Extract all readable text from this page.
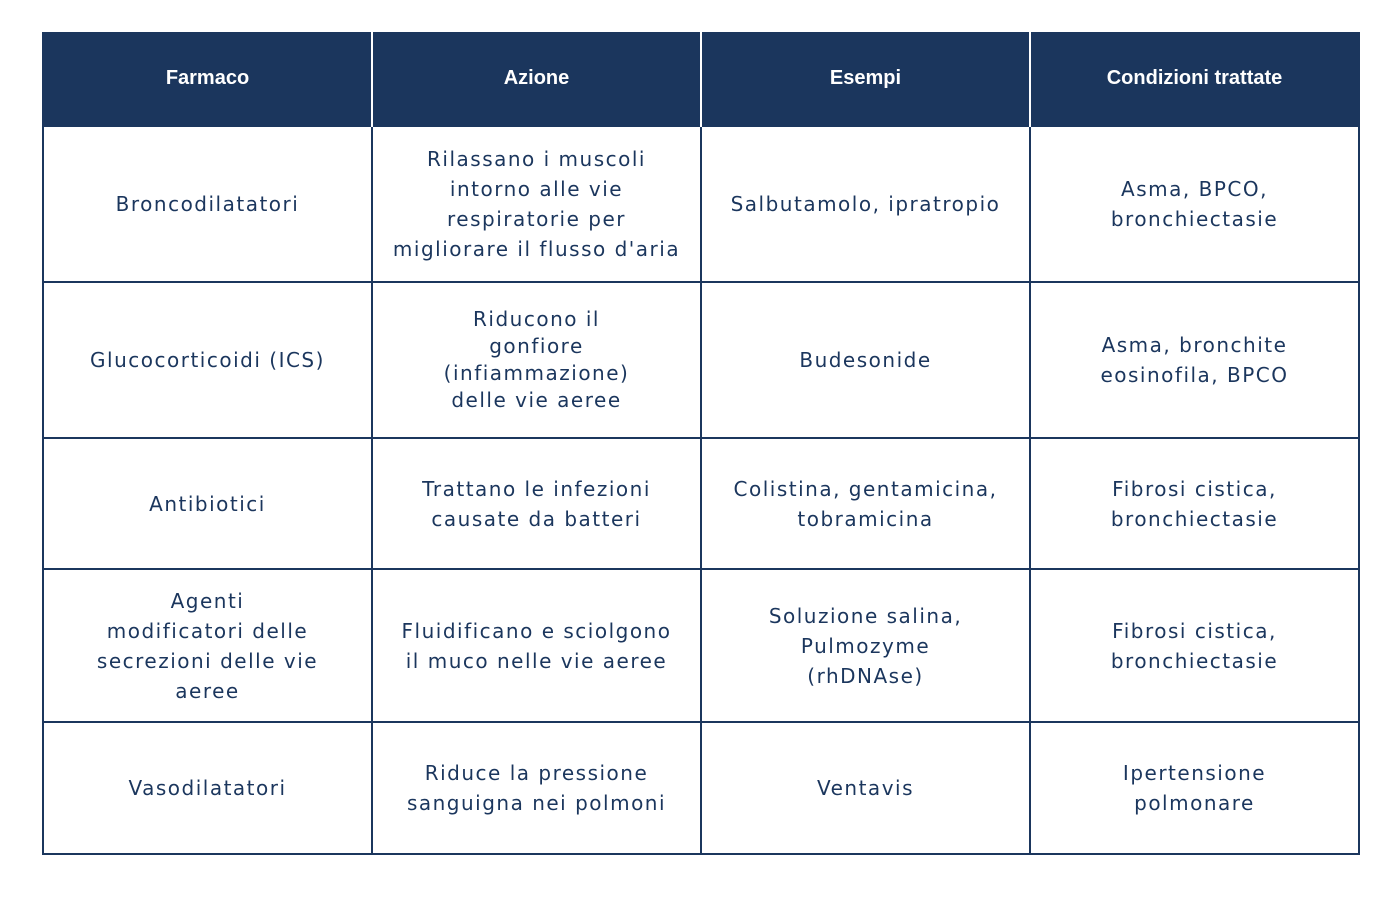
Farmaco	Azione	Esempi	Condizioni trattate

Broncodilatatori	Rilassano i muscoli
intorno alle vie
respiratorie per
migliorare il flusso d'aria	Salbutamolo, ipratropio	Asma, BPCO,
bronchiectasie

Glucocorticoidi (ICS)	Riducono il
gonfiore
(infiammazione)
delle vie aeree	Budesonide	Asma, bronchite
eosinofila, BPCO

Antibiotici	Trattano le infezioni
causate da batteri	Colistina, gentamicina,
tobramicina	Fibrosi cistica,
bronchiectasie

Agenti
modificatori delle
secrezioni delle vie
aeree	Fluidificano e sciolgono
il muco nelle vie aeree	Soluzione salina,
Pulmozyme
(rhDNAse)	Fibrosi cistica,
bronchiectasie

Vasodilatatori	Riduce la pressione
sanguigna nei polmoni	Ventavis	Ipertensione
polmonare
